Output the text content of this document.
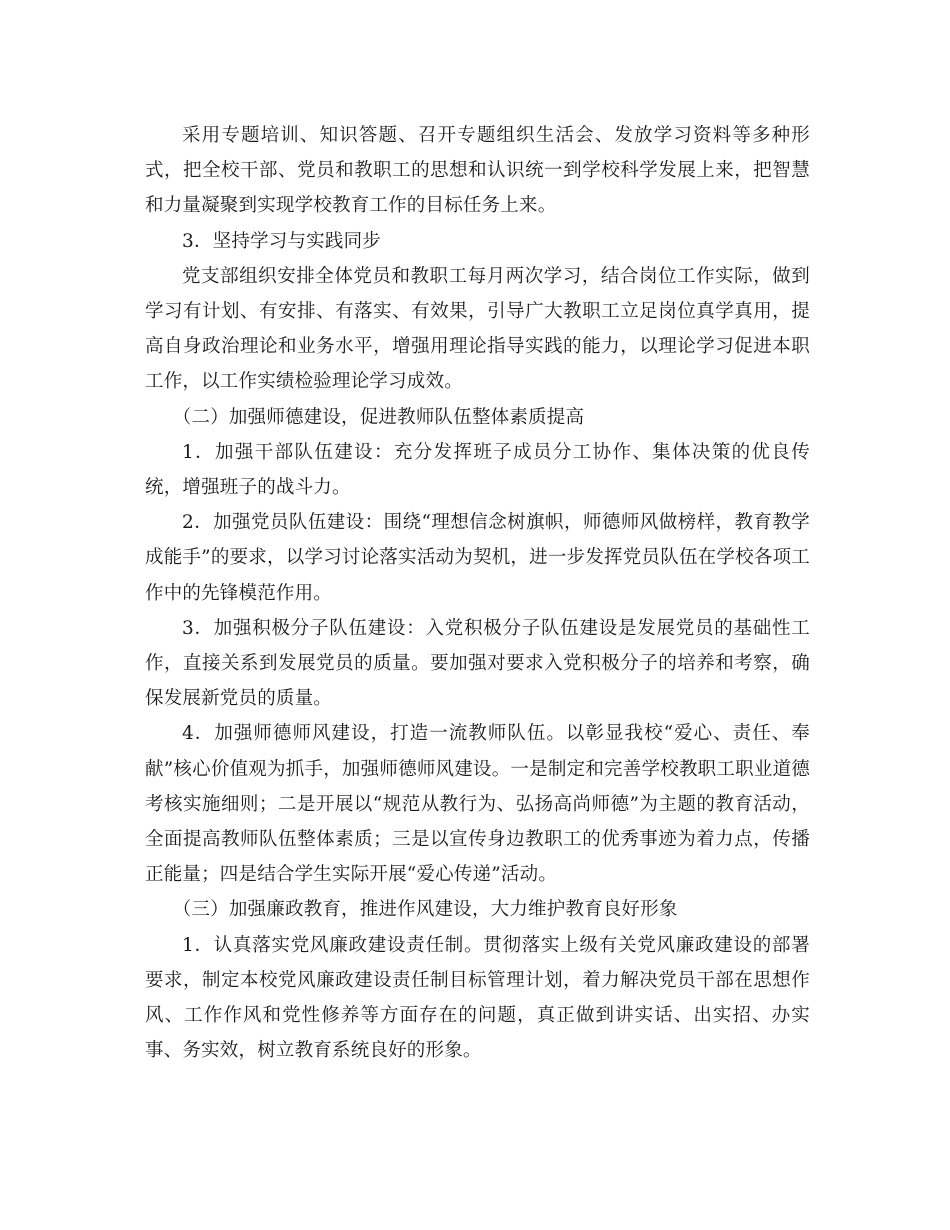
采用专题培训、知识答题、召开专题组织生活会、发放学习资料等多种形式，把全校干部、党员和教职工的思想和认识统一到学校科学发展上来，把智慧和力量凝聚到实现学校教育工作的目标任务上来。

3．坚持学习与实践同步

党支部组织安排全体党员和教职工每月两次学习，结合岗位工作实际，做到学习有计划、有安排、有落实、有效果，引导广大教职工立足岗位真学真用，提高自身政治理论和业务水平，增强用理论指导实践的能力，以理论学习促进本职工作，以工作实绩检验理论学习成效。

（二）加强师德建设，促进教师队伍整体素质提高

1．加强干部队伍建设：充分发挥班子成员分工协作、集体决策的优良传统，增强班子的战斗力。

2．加强党员队伍建设：围绕“理想信念树旗帜，师德师风做榜样，教育教学成能手”的要求，以学习讨论落实活动为契机，进一步发挥党员队伍在学校各项工作中的先锋模范作用。

3．加强积极分子队伍建设：入党积极分子队伍建设是发展党员的基础性工作，直接关系到发展党员的质量。要加强对要求入党积极分子的培养和考察，确保发展新党员的质量。

4．加强师德师风建设，打造一流教师队伍。以彰显我校“爱心、责任、奉献”核心价值观为抓手，加强师德师风建设。一是制定和完善学校教职工职业道德考核实施细则；二是开展以“规范从教行为、弘扬高尚师德”为主题的教育活动，全面提高教师队伍整体素质；三是以宣传身边教职工的优秀事迹为着力点，传播正能量；四是结合学生实际开展“爱心传递”活动。

（三）加强廉政教育，推进作风建设，大力维护教育良好形象

1．认真落实党风廉政建设责任制。贯彻落实上级有关党风廉政建设的部署要求，制定本校党风廉政建设责任制目标管理计划，着力解决党员干部在思想作风、工作作风和党性修养等方面存在的问题，真正做到讲实话、出实招、办实事、务实效，树立教育系统良好的形象。
